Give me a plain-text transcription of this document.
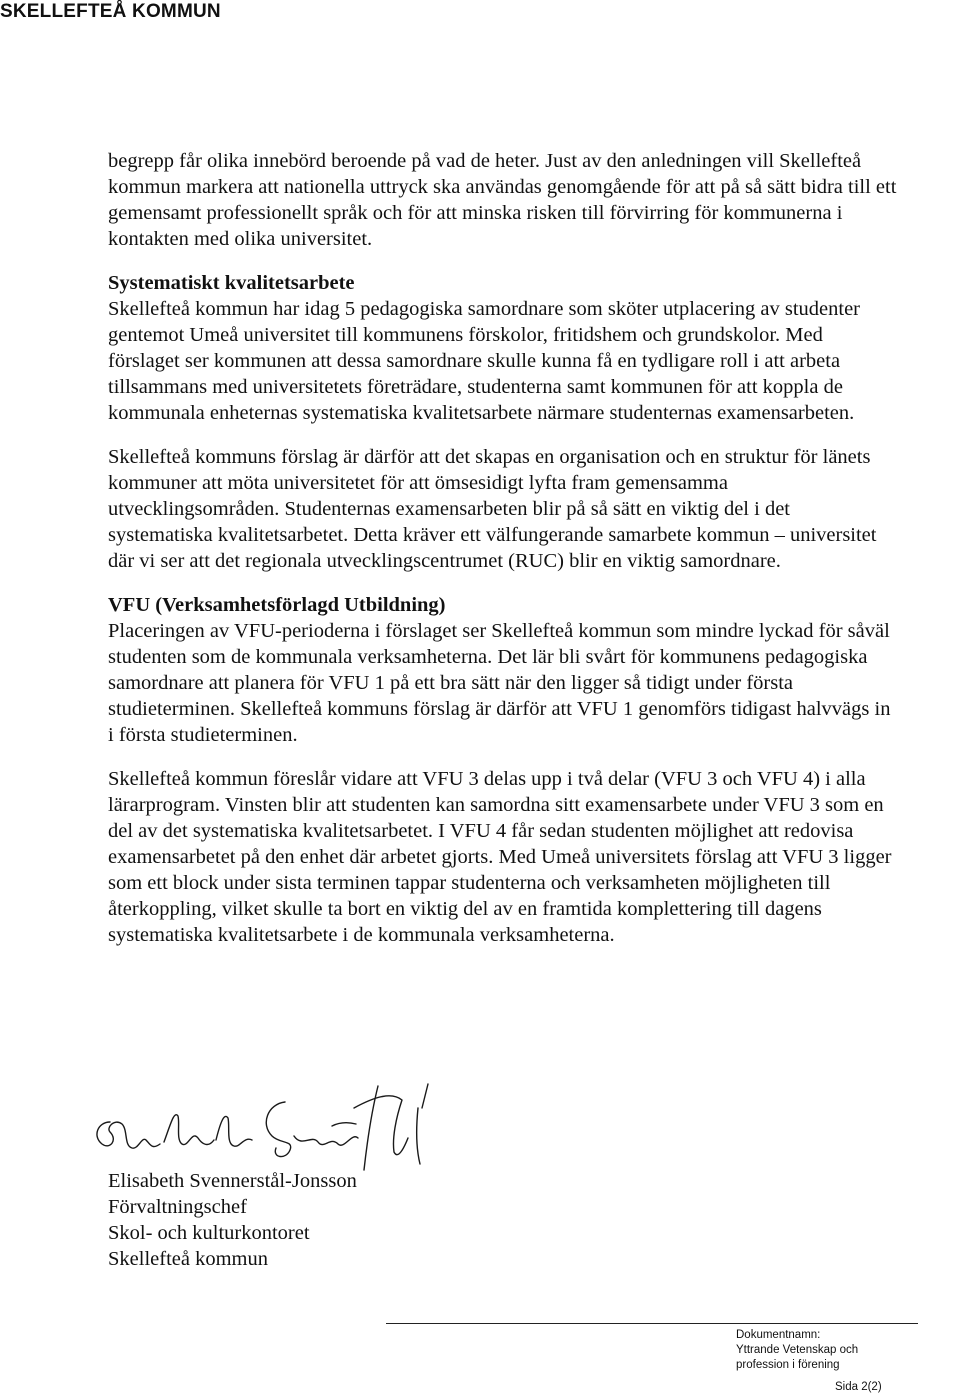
SKELLEFTEÅ KOMMUN

begrepp får olika innebörd beroende på vad de heter. Just av den anledningen vill Skellefteå kommun markera att nationella uttryck ska användas genomgående för att på så sätt bidra till ett gemensamt professionellt språk och för att minska risken till förvirring för kommunerna i kontakten med olika universitet.

Systematiskt kvalitetsarbete

Skellefteå kommun har idag 5 pedagogiska samordnare som sköter utplacering av studenter gentemot Umeå universitet till kommunens förskolor, fritidshem och grundskolor. Med förslaget ser kommunen att dessa samordnare skulle kunna få en tydligare roll i att arbeta tillsammans med universitetets företrädare, studenterna samt kommunen för att koppla de kommunala enheternas systematiska kvalitetsarbete närmare studenternas examensarbeten.

Skellefteå kommuns förslag är därför att det skapas en organisation och en struktur för länets kommuner att möta universitetet för att ömsesidigt lyfta fram gemensamma utvecklingsområden. Studenternas examensarbeten blir på så sätt en viktig del i det systematiska kvalitetsarbetet. Detta kräver ett välfungerande samarbete kommun – universitet där vi ser att det regionala utvecklingscentrumet (RUC) blir en viktig samordnare.

VFU (Verksamhetsförlagd Utbildning)

Placeringen av VFU-perioderna i förslaget ser Skellefteå kommun som mindre lyckad för såväl studenten som de kommunala verksamheterna. Det lär bli svårt för kommunens pedagogiska samordnare att planera för VFU 1 på ett bra sätt när den ligger så tidigt under första studieterminen. Skellefteå kommuns förslag är därför att VFU 1 genomförs tidigast halvvägs in i första studieterminen.

Skellefteå kommun föreslår vidare att VFU 3 delas upp i två delar (VFU 3 och VFU 4) i alla lärarprogram. Vinsten blir att studenten kan samordna sitt examensarbete under VFU 3 som en del av det systematiska kvalitetsarbetet. I VFU 4 får sedan studenten möjlighet att redovisa examensarbetet på den enhet där arbetet gjorts. Med Umeå universitets förslag att VFU 3 ligger som ett block under sista terminen tappar studenterna och verksamheten möjligheten till återkoppling, vilket skulle ta bort en viktig del av en framtida komplettering till dagens systematiska kvalitetsarbete i de kommunala verksamheterna.

Elisabeth Svennerstål-Jonsson
Förvaltningschef
Skol- och kulturkontoret
Skellefteå kommun
Dokumentnamn:
Yttrande Vetenskap och
profession i förening
Sida 2(2)
